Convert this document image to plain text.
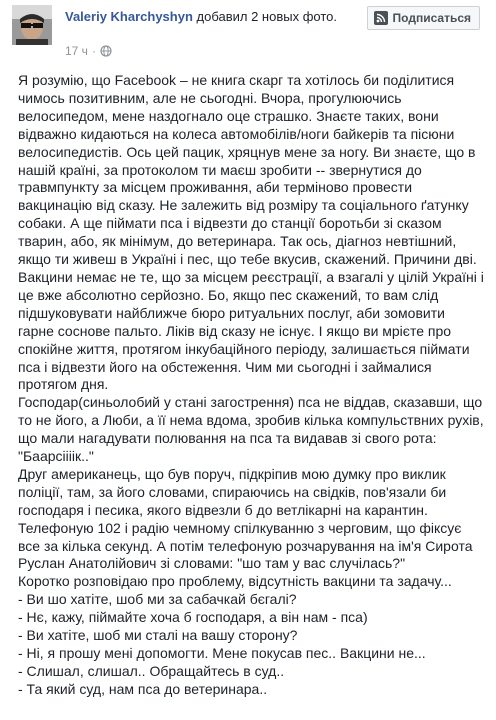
Valeriy Kharchyshyn добавил 2 новых фото.
17 ч ·
Подписаться

Я розумію, що Facebook – не книга скарг та хотілось би поділитися чимось позитивним, але не сьогодні. Вчора, прогулюючись велосипедом, мене наздогнало оце страшко. Знаєте таких, вони відважно кидаються на колеса автомобілів/ноги байкерів та пісюни велосипедистів. Ось цей пацик, хряцнув мене за ногу. Ви знаєте, що в нашій країні, за протоколом ти маєш зробити -- звернутися до травмпункту за місцем проживання, аби терміново провести вакцинацію від сказу. Не залежить від розміру та соціального ґатунку собаки. А ще піймати пса і відвезти до станції боротьби зі сказом тварин, або, як мінімум, до ветеринара. Так ось, діагноз невтішний, якщо ти живеш в Україні і пес, що тебе вкусив, скажений. Причини дві. Вакцини немає не те, що за місцем реєстрації, а взагалі у цілій Україні і це вже абсолютно серйозно. Бо, якщо пес скажений, то вам слід підшуковувати найближче бюро ритуальних послуг, аби зомовити гарне соснове пальто. Ліків від сказу не існує. І якщо ви мрієте про спокійне життя, протягом інкубаційного періоду, залишається піймати пса і відвезти його на обстеження. Чим ми сьогодні і займалися протягом дня.

Господар(синьолобий у стані загострення) пса не віддав, сказавши, що то не його, а Люби, а її нема вдома, зробив кілька компульствних рухів, що мали нагадувати полювання на пса та видавав зі свого рота: "Баарсіііік.."

Друг американець, що був поруч, підкріпив мою думку про виклик поліції, там, за його словами, спираючись на свідків, пов'язали би господаря і песика, якого відвезли б до ветлікарні на карантин. Телефоную 102 і радію чемному спілкуванню з черговим, що фіксує все за кілька секунд. А потім телефоную розчарування на ім'я Сирота Руслан Анатолійович зі словами: "шо там у вас случілась?"

Коротко розповідаю про проблему, відсутність вакцини та задачу...

- Ви шо хатіте, шоб ми за сабачкай бєгалі?

- Нє, кажу, піймайте хоча б господаря, а він нам - пса)

- Ви хатіте, шоб ми сталі на вашу сторону?

- Ні, я прошу мені допомогти. Мене покусав пес.. Вакцини не...

- Слишал, слишал.. Обращайтесь в суд..

- Та який суд, нам пса до ветеринара..
